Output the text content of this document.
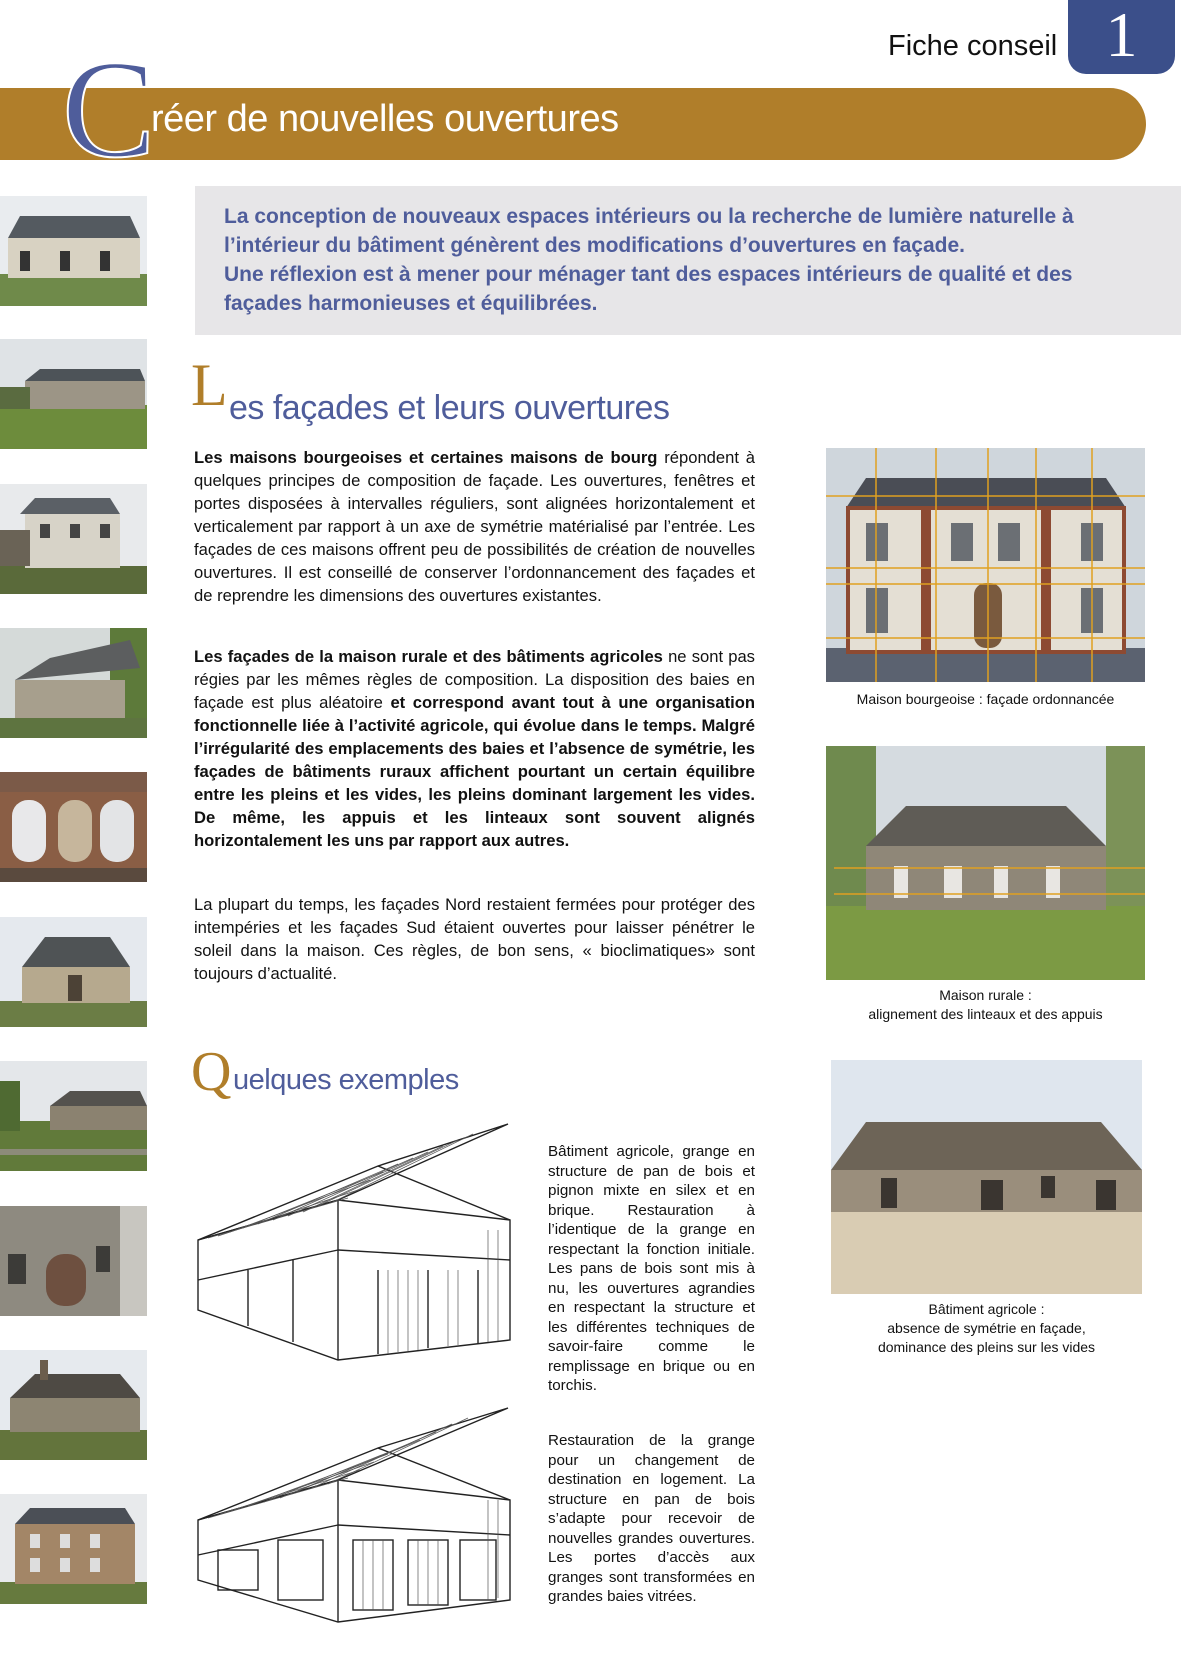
Fiche conseil 1
C
réer de nouvelles ouvertures
La conception de nouveaux espaces intérieurs ou la recherche de lumière naturelle à
l’intérieur du bâtiment génèrent des modifications d’ouvertures en façade.
Une réflexion est à mener pour ménager tant des espaces intérieurs de qualité et des
façades harmonieuses et équilibrées.
L es façades et leurs ouvertures

Les maisons bourgeoises et certaines maisons de bourg répondent à quelques principes de composition de façade. Les ouvertures, fenêtres et portes disposées à intervalles réguliers, sont alignées horizontalement et verticalement par rapport à un axe de symétrie matérialisé par l’entrée. Les façades de ces maisons offrent peu de possibilités de création de nouvelles ouvertures. Il est conseillé de conserver l’ordonnancement des façades et de reprendre les dimensions des ouvertures existantes.

Les façades de la maison rurale et des bâtiments agricoles ne sont pas régies par les mêmes règles de composition. La disposition des baies en façade est plus aléatoire et correspond avant tout à une organisation fonctionnelle liée à l’activité agricole, qui évolue dans le temps. Malgré l’irrégularité des emplacements des baies et l’absence de symétrie, les façades de bâtiments ruraux affichent pourtant un certain équilibre entre les pleins et les vides, les pleins dominant largement les vides. De même, les appuis et les linteaux sont souvent alignés horizontalement les uns par rapport aux autres.

La plupart du temps, les façades Nord restaient fermées pour protéger des intempéries et les façades Sud étaient ouvertes pour laisser pénétrer le soleil dans la maison. Ces règles, de bon sens, « bioclimatiques» sont toujours d’actualité.

Maison bourgeoise : façade ordonnancée
Maison rurale :
alignement des linteaux et des appuis
Bâtiment agricole :
absence de symétrie en façade,
dominance des pleins sur les vides
Q uelques exemples
Bâtiment agricole, grange en structure de pan de bois et pignon mixte en silex et en brique. Restauration à l’identique de la grange en respectant la fonction initiale. Les pans de bois sont mis à nu, les ouvertures agrandies en respectant la structure et les différentes techniques de savoir-faire comme le remplissage en brique ou en torchis.
Restauration de la grange pour un changement de destination en logement. La structure en pan de bois s’adapte pour recevoir de nouvelles grandes ouvertures. Les portes d’accès aux granges sont transformées en grandes baies vitrées.
